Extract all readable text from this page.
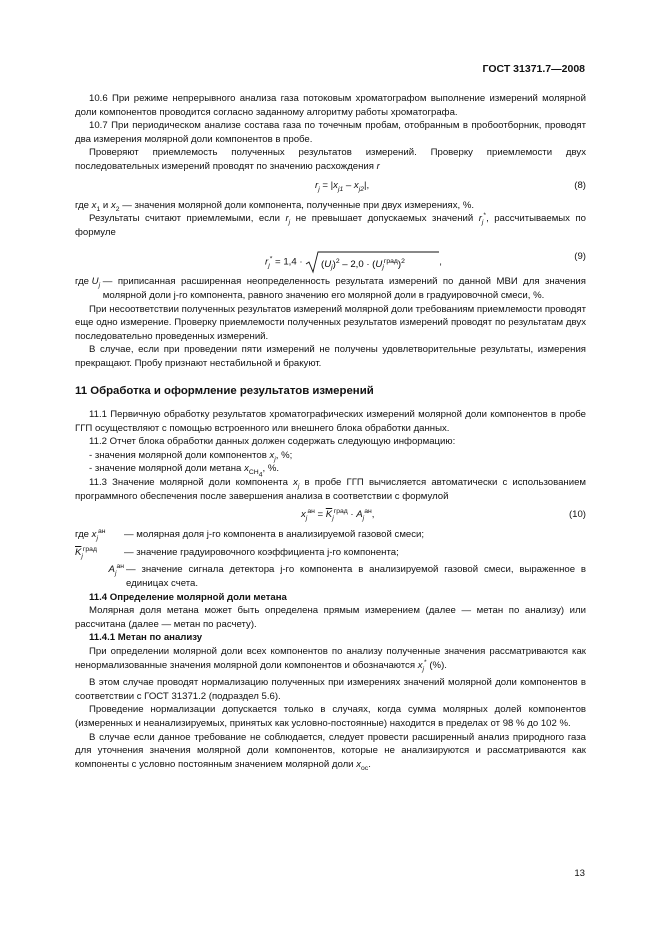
ГОСТ 31371.7—2008

10.6 При режиме непрерывного анализа газа потоковым хроматографом выполнение измерений молярной доли компонентов проводится согласно заданному алгоритму работы хроматографа.

10.7 При периодическом анализе состава газа по точечным пробам, отобранным в пробоотборник, проводят два измерения молярной доли компонентов в пробе.

Проверяют приемлемость полученных результатов измерений. Проверку приемлемости двух последовательных измерений проводят по значению расхождения r

$r_j = |x_{j1} - x_{j2}|$,	(8)

где $x_1$ и $x_2$ — значения молярной доли компонента, полученные при двух измерениях, %.

Результаты считают приемлемыми, если $r_j$ не превышает допускаемых значений $r_j^*$, рассчитываемых по формуле

$r_j^* = 1,4 \cdot (U_j)^2 - 2,0 \cdot (U_j^{град})^2$	,
(9)
где $U_j$ — приписанная расширенная неопределенность результата измерений по данной МВИ для значения молярной доли j-го компонента, равного значению его молярной доли в градуировочной смеси, %.

При несоответствии полученных результатов измерений молярной доли требованиям приемлемости проводят еще одно измерение. Проверку приемлемости полученных результатов измерений проводят по результатам двух последовательно проведенных измерений.

В случае, если при проведении пяти измерений не получены удовлетворительные результаты, измерения прекращают. Пробу признают нестабильной и бракуют.

11 Обработка и оформление результатов измерений

11.1 Первичную обработку результатов хроматографических измерений молярной доли компонентов в пробе ГГП осуществляют с помощью встроенного или внешнего блока обработки данных.

11.2 Отчет блока обработки данных должен содержать следующую информацию:

- значения молярной доли компонентов $x_j$, %;

- значение молярной доли метана $x_{CH_4}$, %.

11.3 Значение молярной доли компонента $x_j$ в пробе ГГП вычисляется автоматически с использованием программного обеспечения после завершения анализа в соответствии с формулой

$x_j^{ан} = \overline{K}_j^{град} \cdot A_j^{ан}$,	(10)
где $x_j^{ан}$	— молярная доля j-го компонента в анализируемой газовой смеси;
$\overline{K}_j^{град}$	— значение градуировочного коэффициента j-го компонента;
$A_j^{ан}$ — значение сигнала детектора j-го компонента в анализируемой газовой смеси, выраженное в единицах счета.
11.4 Определение молярной доли метана

Молярная доля метана может быть определена прямым измерением (далее — метан по анализу) или рассчитана (далее — метан по расчету).

11.4.1 Метан по анализу

При определении молярной доли всех компонентов по анализу полученные значения рассматриваются как ненормализованные значения молярной доли компонентов и обозначаются $x_j^*$ (%).

В этом случае проводят нормализацию полученных при измерениях значений молярной доли компонентов в соответствии с ГОСТ 31371.2 (подраздел 5.6).

Проведение нормализации допускается только в случаях, когда сумма молярных долей компонентов (измеренных и неанализируемых, принятых как условно-постоянные) находится в пределах от 98 % до 102 %.

В случае если данное требование не соблюдается, следует провести расширенный анализ природного газа для уточнения значения молярной доли компонентов, которые не анализируются и рассматриваются как компоненты с условно постоянным значением молярной доли $x_{ос}$.

13
